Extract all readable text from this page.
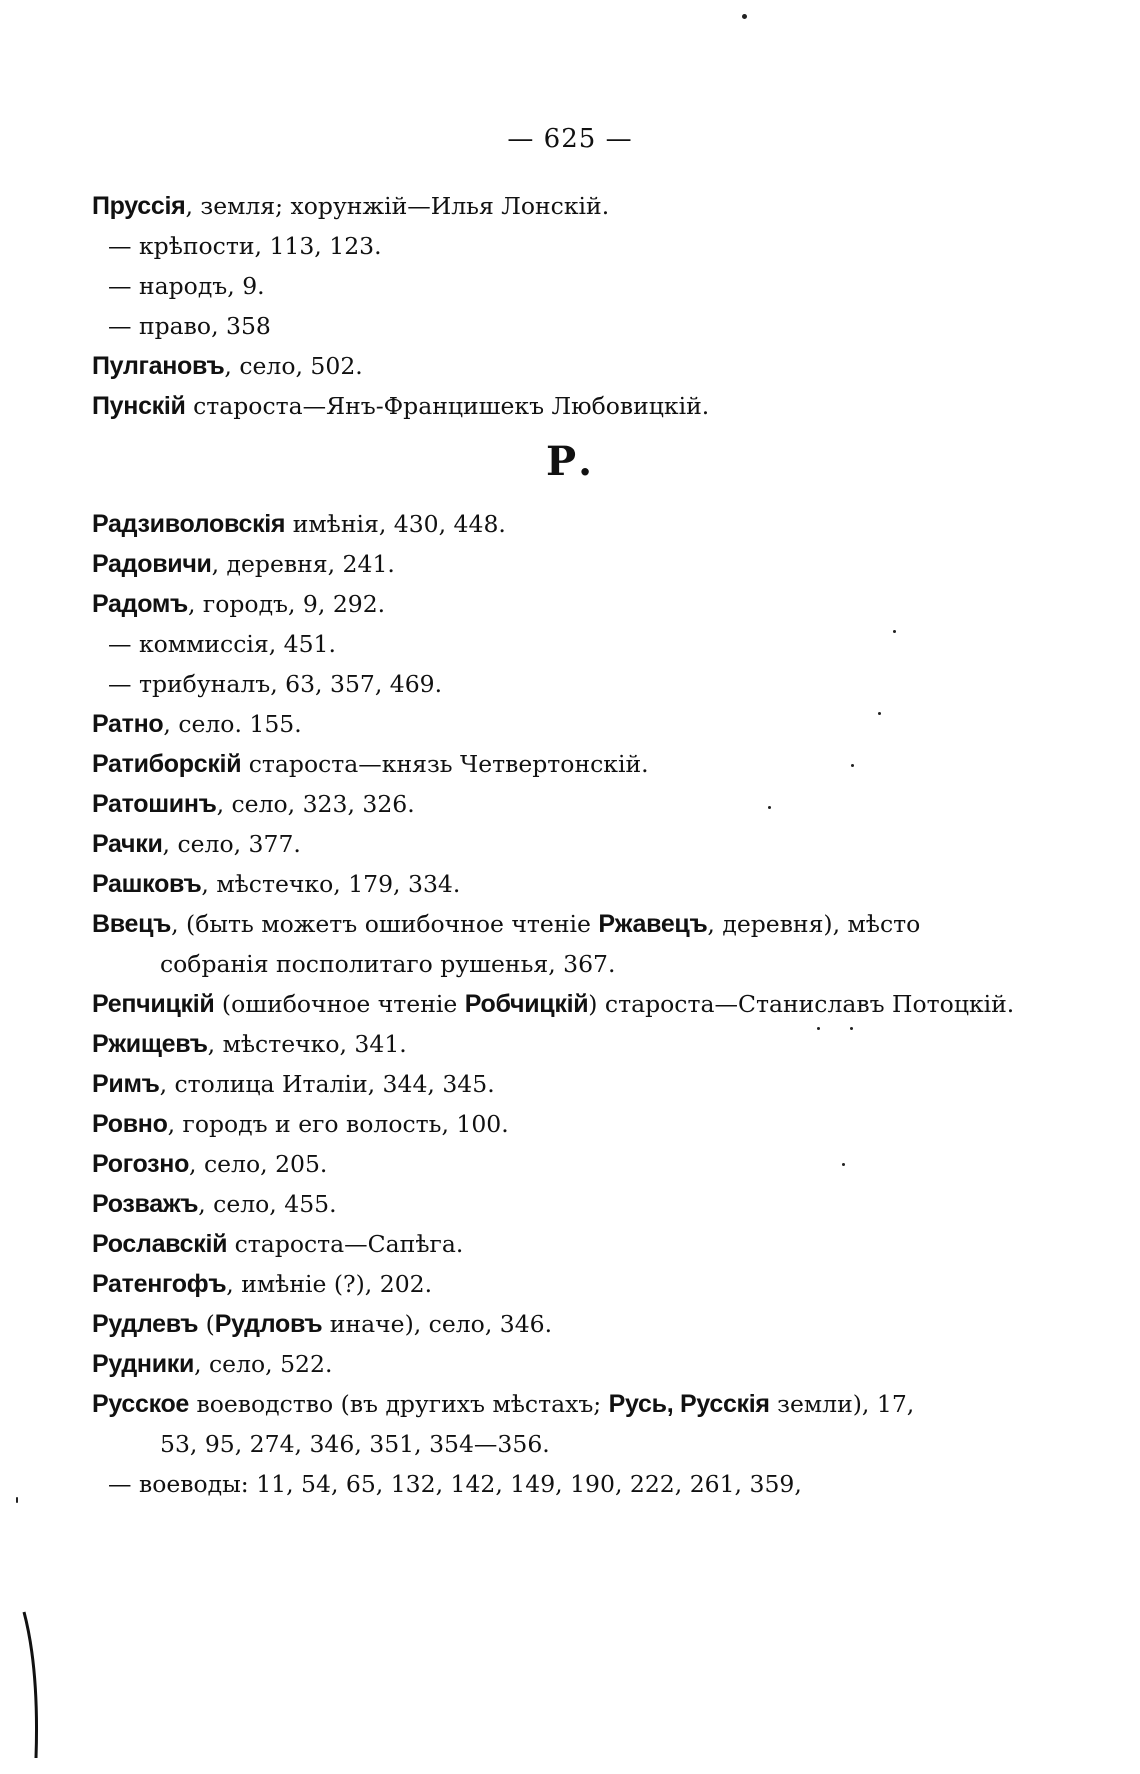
— 625 —
Пруссія, земля; хорунжій—Илья Лонскій.
— крѣпости, 113, 123.
— народъ, 9.
— право, 358
Пулгановъ, село, 502.
Пунскій староста—Янъ-Францишекъ Любовицкій.
Р.
Радзиволовскія имѣнія, 430, 448.
Радовичи, деревня, 241.
Радомъ, городъ, 9, 292.
— коммиссія, 451.
— трибуналъ, 63, 357, 469.
Ратно, село. 155.
Ратиборскій староста—князь Четвертонскій.
Ратошинъ, село, 323, 326.
Рачки, село, 377.
Рашковъ, мѣстечко, 179, 334.
Ввецъ, (быть можетъ ошибочное чтеніе Ржавецъ, деревня), мѣсто
собранія посполитаго рушенья, 367.
Репчицкій (ошибочное чтеніе Робчицкій) староста—Станиславъ Потоцкій.
Ржищевъ, мѣстечко, 341.
Римъ, столица Италіи, 344, 345.
Ровно, городъ и его волость, 100.
Рогозно, село, 205.
Розважъ, село, 455.
Рославскій староста—Сапѣга.
Ратенгофъ, имѣніе (?), 202.
Рудлевъ (Рудловъ иначе), село, 346.
Рудники, село, 522.
Русское воеводство (въ другихъ мѣстахъ; Русь, Русскія земли), 17,
53, 95, 274, 346, 351, 354—356.
— воеводы: 11, 54, 65, 132, 142, 149, 190, 222, 261, 359,
